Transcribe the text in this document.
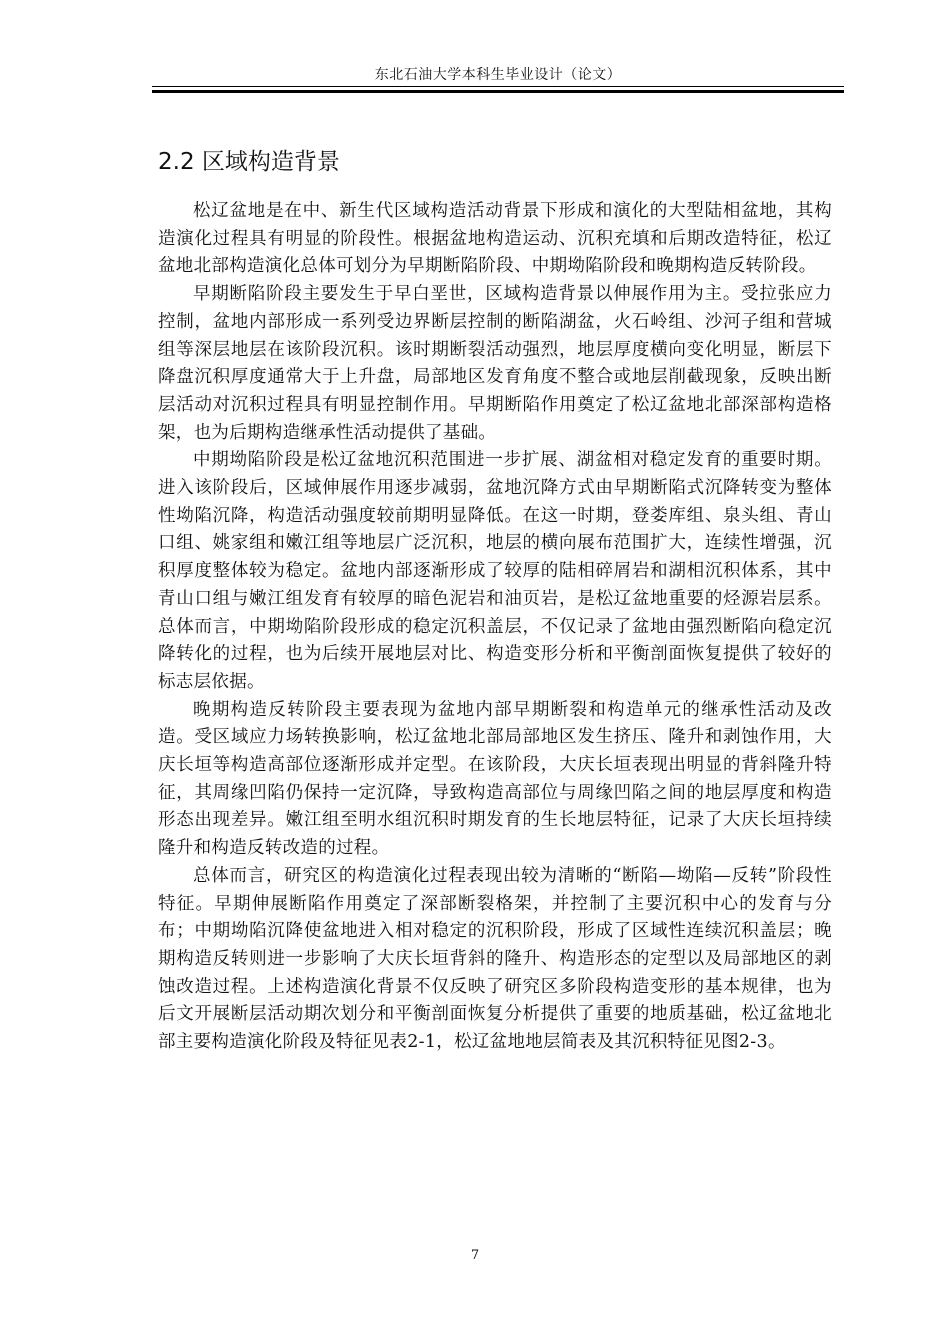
东北石油大学本科生毕业设计（论文）
2.2 区域构造背景

松辽盆地是在中、新生代区域构造活动背景下形成和演化的大型陆相盆地，其构造演化过程具有明显的阶段性。根据盆地构造运动、沉积充填和后期改造特征，松辽盆地北部构造演化总体可划分为早期断陷阶段、中期坳陷阶段和晚期构造反转阶段。

早期断陷阶段主要发生于早白垩世，区域构造背景以伸展作用为主。受拉张应力控制，盆地内部形成一系列受边界断层控制的断陷湖盆，火石岭组、沙河子组和营城组等深层地层在该阶段沉积。该时期断裂活动强烈，地层厚度横向变化明显，断层下降盘沉积厚度通常大于上升盘，局部地区发育角度不整合或地层削截现象，反映出断层活动对沉积过程具有明显控制作用。早期断陷作用奠定了松辽盆地北部深部构造格架，也为后期构造继承性活动提供了基础。

中期坳陷阶段是松辽盆地沉积范围进一步扩展、湖盆相对稳定发育的重要时期。进入该阶段后，区域伸展作用逐步减弱，盆地沉降方式由早期断陷式沉降转变为整体性坳陷沉降，构造活动强度较前期明显降低。在这一时期，登娄库组、泉头组、青山口组、姚家组和嫩江组等地层广泛沉积，地层的横向展布范围扩大，连续性增强，沉积厚度整体较为稳定。盆地内部逐渐形成了较厚的陆相碎屑岩和湖相沉积体系，其中青山口组与嫩江组发育有较厚的暗色泥岩和油页岩，是松辽盆地重要的烃源岩层系。总体而言，中期坳陷阶段形成的稳定沉积盖层，不仅记录了盆地由强烈断陷向稳定沉降转化的过程，也为后续开展地层对比、构造变形分析和平衡剖面恢复提供了较好的标志层依据。

晚期构造反转阶段主要表现为盆地内部早期断裂和构造单元的继承性活动及改造。受区域应力场转换影响，松辽盆地北部局部地区发生挤压、隆升和剥蚀作用，大庆长垣等构造高部位逐渐形成并定型。在该阶段，大庆长垣表现出明显的背斜隆升特征，其周缘凹陷仍保持一定沉降，导致构造高部位与周缘凹陷之间的地层厚度和构造形态出现差异。嫩江组至明水组沉积时期发育的生长地层特征，记录了大庆长垣持续隆升和构造反转改造的过程。

总体而言，研究区的构造演化过程表现出较为清晰的“断陷—坳陷—反转”阶段性特征。早期伸展断陷作用奠定了深部断裂格架，并控制了主要沉积中心的发育与分布；中期坳陷沉降使盆地进入相对稳定的沉积阶段，形成了区域性连续沉积盖层；晚期构造反转则进一步影响了大庆长垣背斜的隆升、构造形态的定型以及局部地区的剥蚀改造过程。上述构造演化背景不仅反映了研究区多阶段构造变形的基本规律，也为后文开展断层活动期次划分和平衡剖面恢复分析提供了重要的地质基础，松辽盆地北部主要构造演化阶段及特征见表2-1，松辽盆地地层简表及其沉积特征见图2-3。

7
